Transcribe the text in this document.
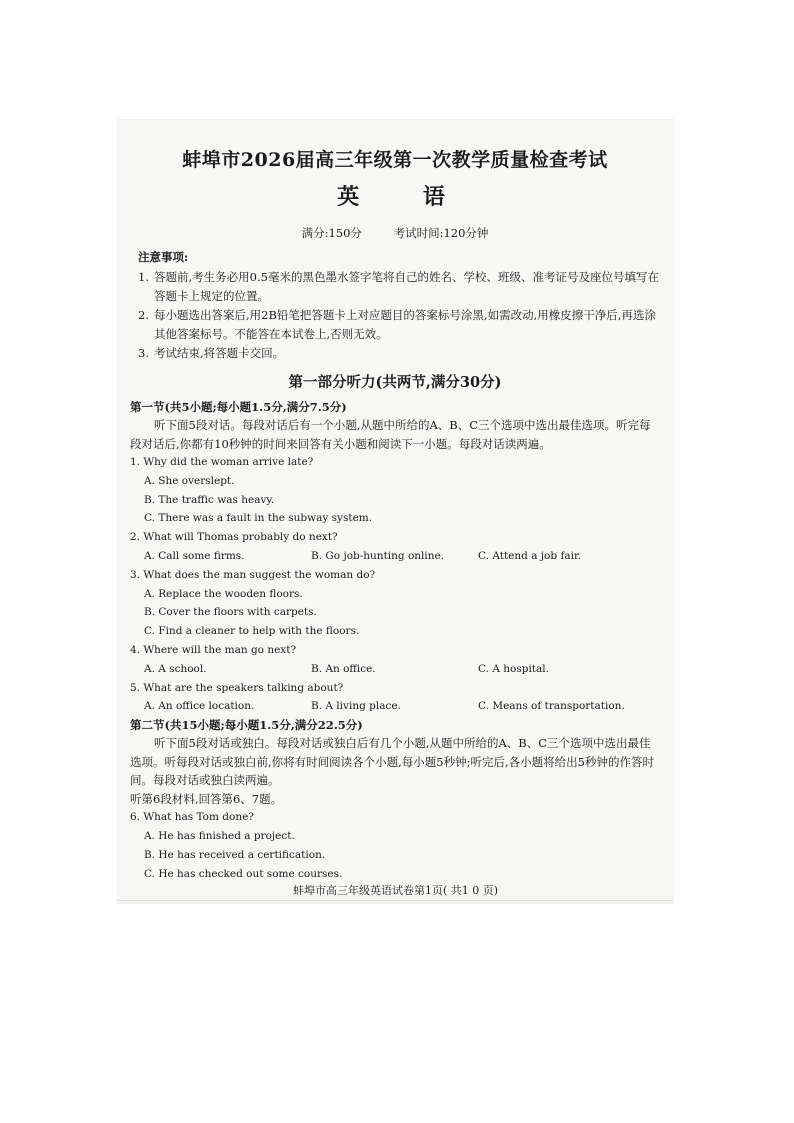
蚌埠市2026届高三年级第一次教学质量检查考试
英 语
满分:150分	考试时间:120分钟
注意事项:
1. 答题前,考生务必用0.5毫米的黑色墨水签字笔将自己的姓名、学校、班级、准考证号及座位号填写在答题卡上规定的位置。
2. 每小题选出答案后,用2B铅笔把答题卡上对应题目的答案标号涂黑,如需改动,用橡皮擦干净后,再选涂其他答案标号。不能答在本试卷上,否则无效。
3. 考试结束,将答题卡交回。
第一部分听力(共两节,满分30分)
第一节(共5小题;每小题1.5分,满分7.5分)
听下面5段对话。每段对话后有一个小题,从题中所给的A、B、C三个选项中选出最佳选项。听完每段对话后,你都有10秒钟的时间来回答有关小题和阅读下一小题。每段对话读两遍。
1. Why did the woman arrive late?
A. She overslept.
B. The traffic was heavy.
C. There was a fault in the subway system.
2. What will Thomas probably do next?
A. Call some firms.	B. Go job-hunting online.	C. Attend a job fair.
3. What does the man suggest the woman do?
A. Replace the wooden floors.
B. Cover the floors with carpets.
C. Find a cleaner to help with the floors.
4. Where will the man go next?
A. A school.	B. An office.	C. A hospital.
5. What are the speakers talking about?
A. An office location.	B. A living place.	C. Means of transportation.
第二节(共15小题;每小题1.5分,满分22.5分)
听下面5段对话或独白。每段对话或独白后有几个小题,从题中所给的A、B、C三个选项中选出最佳选项。听每段对话或独白前,你将有时间阅读各个小题,每小题5秒钟;听完后,各小题将给出5秒钟的作答时间。每段对话或独白读两遍。
听第6段材料,回答第6、7题。
6. What has Tom done?
A. He has finished a project.
B. He has received a certification.
C. He has checked out some courses.
蚌埠市高三年级英语试卷第1页( 共1 0 页)
